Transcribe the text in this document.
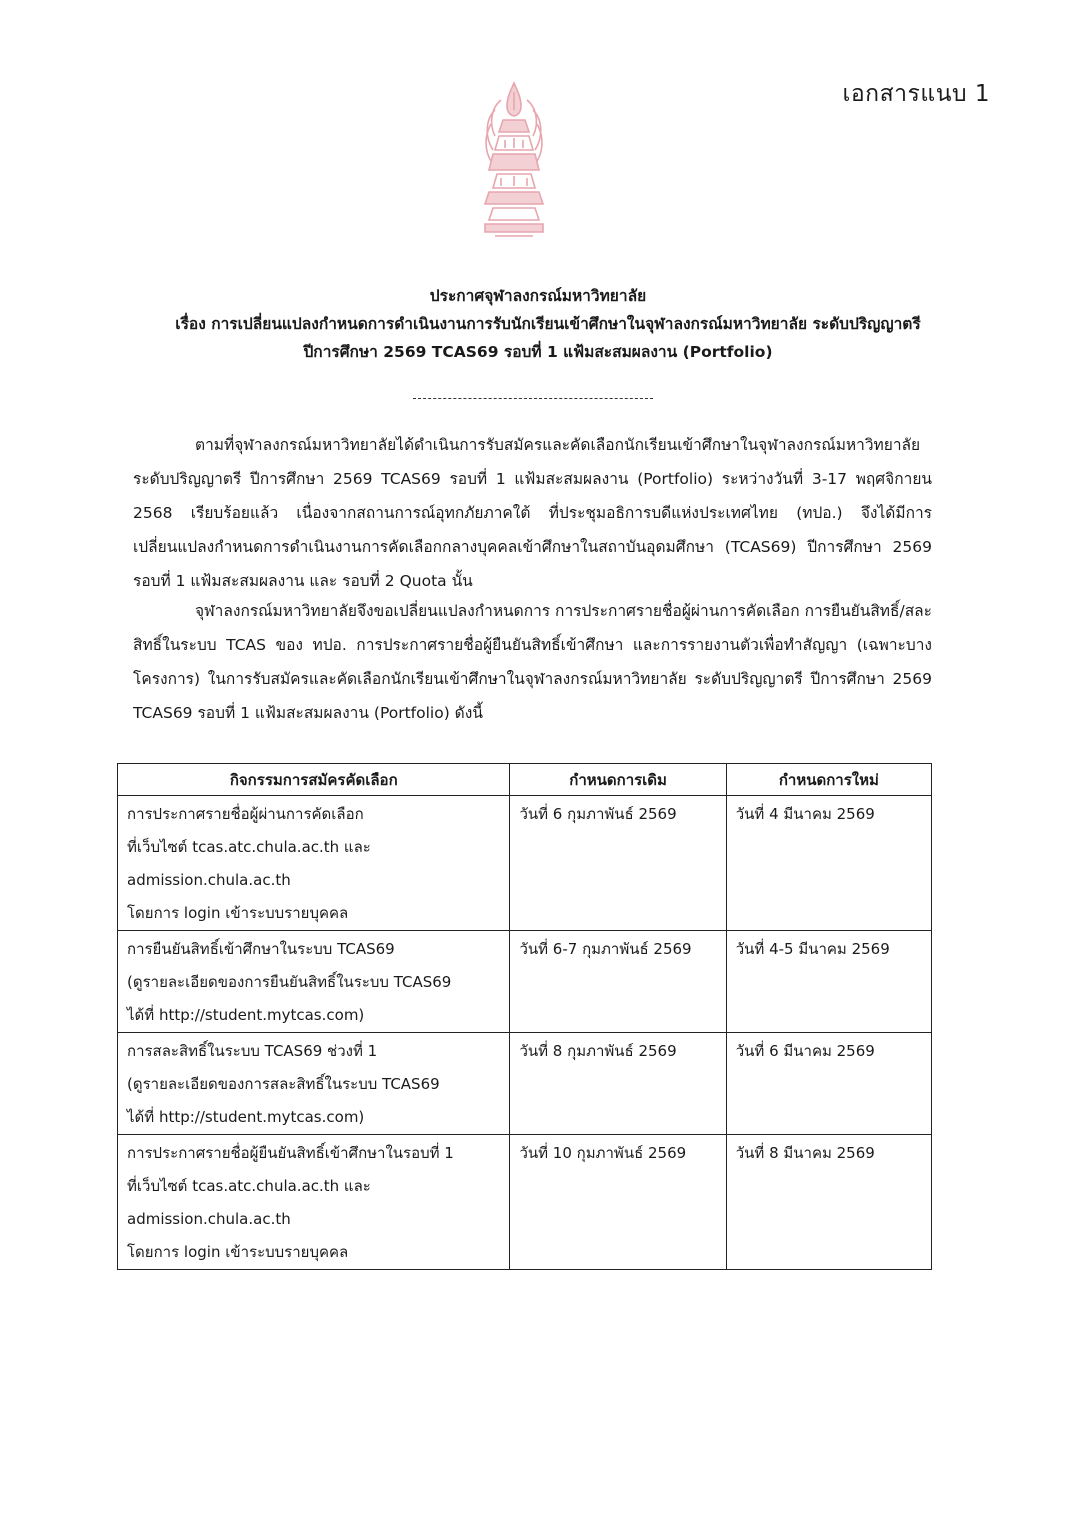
เอกสารแนบ 1
ประกาศจุฬาลงกรณ์มหาวิทยาลัย
เรื่อง การเปลี่ยนแปลงกำหนดการดำเนินงานการรับนักเรียนเข้าศึกษาในจุฬาลงกรณ์มหาวิทยาลัย ระดับปริญญาตรี
ปีการศึกษา 2569 TCAS69 รอบที่ 1 แฟ้มสะสมผลงาน (Portfolio)

ตามที่จุฬาลงกรณ์มหาวิทยาลัยได้ดำเนินการรับสมัครและคัดเลือกนักเรียนเข้าศึกษาในจุฬาลงกรณ์มหาวิทยาลัย ระดับปริญญาตรี ปีการศึกษา 2569 TCAS69 รอบที่ 1 แฟ้มสะสมผลงาน (Portfolio) ระหว่างวันที่ 3-17 พฤศจิกายน 2568 เรียบร้อยแล้ว เนื่องจากสถานการณ์อุทกภัยภาคใต้ ที่ประชุมอธิการบดีแห่งประเทศไทย (ทปอ.) จึงได้มีการเปลี่ยนแปลงกำหนดการดำเนินงานการคัดเลือกกลางบุคคลเข้าศึกษาในสถาบันอุดมศึกษา (TCAS69) ปีการศึกษา 2569 รอบที่ 1 แฟ้มสะสมผลงาน และ รอบที่ 2 Quota นั้น

จุฬาลงกรณ์มหาวิทยาลัยจึงขอเปลี่ยนแปลงกำหนดการ การประกาศรายชื่อผู้ผ่านการคัดเลือก การยืนยันสิทธิ์/สละสิทธิ์ในระบบ TCAS ของ ทปอ. การประกาศรายชื่อผู้ยืนยันสิทธิ์เข้าศึกษา และการรายงานตัวเพื่อทำสัญญา (เฉพาะบางโครงการ) ในการรับสมัครและคัดเลือกนักเรียนเข้าศึกษาในจุฬาลงกรณ์มหาวิทยาลัย ระดับปริญญาตรี ปีการศึกษา 2569 TCAS69 รอบที่ 1 แฟ้มสะสมผลงาน (Portfolio) ดังนี้

กิจกรรมการสมัครคัดเลือก	กำหนดการเดิม	กำหนดการใหม่

การประกาศรายชื่อผู้ผ่านการคัดเลือก
ที่เว็บไซต์ tcas.atc.chula.ac.th และ
admission.chula.ac.th
โดยการ login เข้าระบบรายบุคคล	วันที่ 6 กุมภาพันธ์ 2569	วันที่ 4 มีนาคม 2569

การยืนยันสิทธิ์เข้าศึกษาในระบบ TCAS69
(ดูรายละเอียดของการยืนยันสิทธิ์ในระบบ TCAS69
ได้ที่ http://student.mytcas.com)	วันที่ 6-7 กุมภาพันธ์ 2569	วันที่ 4-5 มีนาคม 2569

การสละสิทธิ์ในระบบ TCAS69 ช่วงที่ 1
(ดูรายละเอียดของการสละสิทธิ์ในระบบ TCAS69
ได้ที่ http://student.mytcas.com)	วันที่ 8 กุมภาพันธ์ 2569	วันที่ 6 มีนาคม 2569

การประกาศรายชื่อผู้ยืนยันสิทธิ์เข้าศึกษาในรอบที่ 1
ที่เว็บไซต์ tcas.atc.chula.ac.th และ
admission.chula.ac.th
โดยการ login เข้าระบบรายบุคคล	วันที่ 10 กุมภาพันธ์ 2569	วันที่ 8 มีนาคม 2569
